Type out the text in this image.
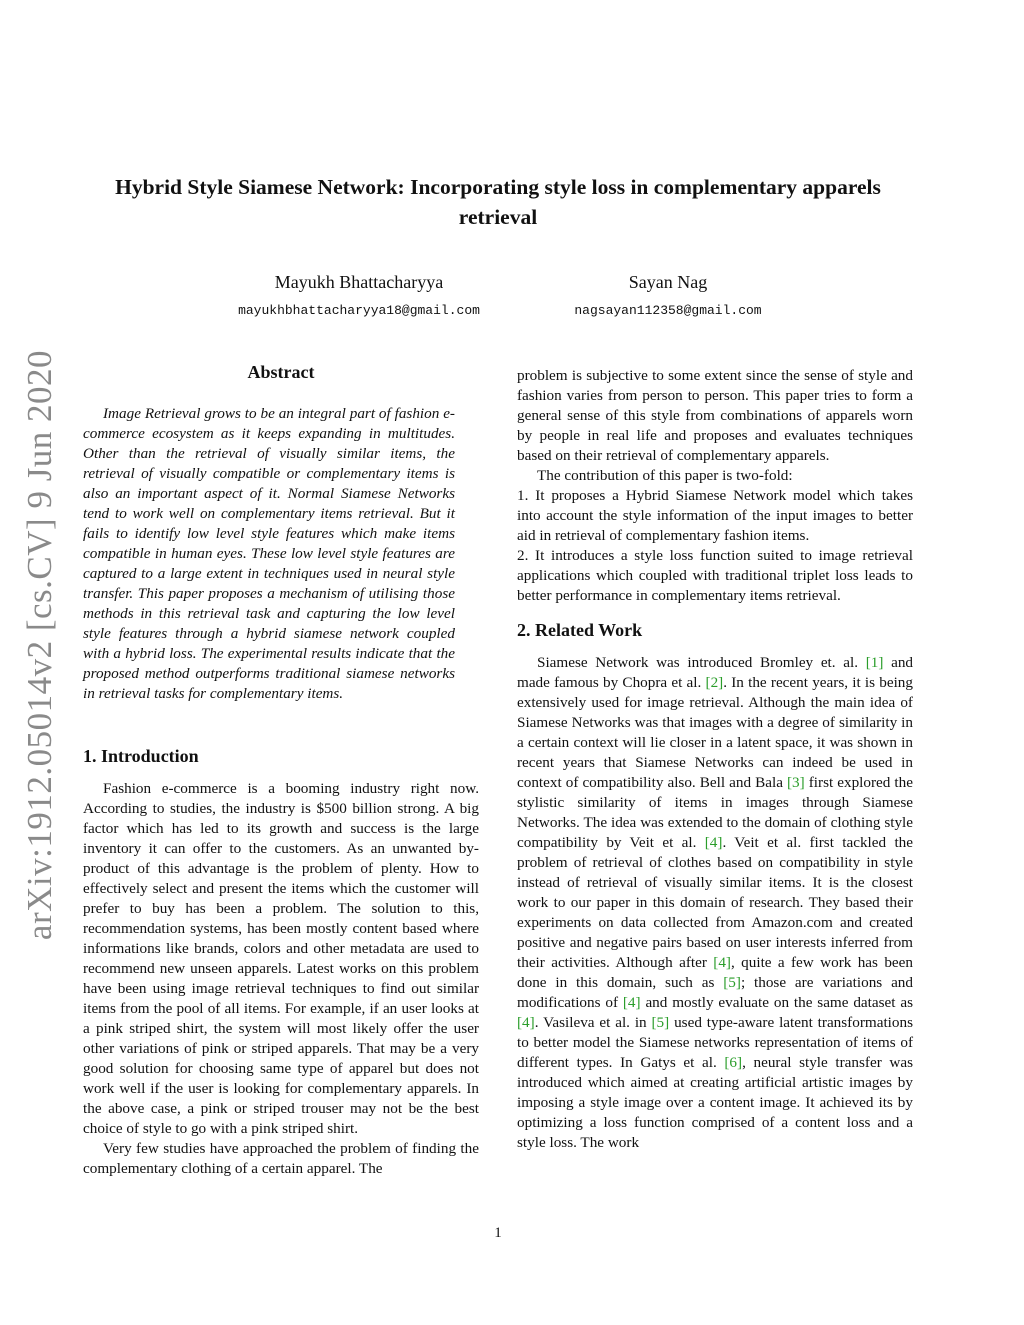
arXiv:1912.05014v2 [cs.CV] 9 Jun 2020
Hybrid Style Siamese Network: Incorporating style loss in complementary apparels retrieval
Mayukh Bhattacharyya
mayukhbhattacharyya18@gmail.com
Sayan Nag
nagsayan112358@gmail.com
Abstract

Image Retrieval grows to be an integral part of fashion e-commerce ecosystem as it keeps expanding in multitudes. Other than the retrieval of visually similar items, the retrieval of visually compatible or complementary items is also an important aspect of it. Normal Siamese Networks tend to work well on complementary items retrieval. But it fails to identify low level style features which make items compatible in human eyes. These low level style features are captured to a large extent in techniques used in neural style transfer. This paper proposes a mechanism of utilising those methods in this retrieval task and capturing the low level style features through a hybrid siamese network coupled with a hybrid loss. The experimental results indicate that the proposed method outperforms traditional siamese networks in retrieval tasks for complementary items.

1. Introduction

Fashion e-commerce is a booming industry right now. According to studies, the industry is $500 billion strong. A big factor which has led to its growth and success is the large inventory it can offer to the customers. As an unwanted by-product of this advantage is the problem of plenty. How to effectively select and present the items which the customer will prefer to buy has been a problem. The solution to this, recommendation systems, has been mostly content based where informations like brands, colors and other metadata are used to recommend new unseen apparels. Latest works on this problem have been using image retrieval techniques to find out similar items from the pool of all items. For example, if an user looks at a pink striped shirt, the system will most likely offer the user other variations of pink or striped apparels. That may be a very good solution for choosing same type of apparel but does not work well if the user is looking for complementary apparels. In the above case, a pink or striped trouser may not be the best choice of style to go with a pink striped shirt.

Very few studies have approached the problem of finding the complementary clothing of a certain apparel. The

problem is subjective to some extent since the sense of style and fashion varies from person to person. This paper tries to form a general sense of this style from combinations of apparels worn by people in real life and proposes and evaluates techniques based on their retrieval of complementary apparels.

The contribution of this paper is two-fold:

1. It proposes a Hybrid Siamese Network model which takes into account the style information of the input images to better aid in retrieval of complementary fashion items.

2. It introduces a style loss function suited to image retrieval applications which coupled with traditional triplet loss leads to better performance in complementary items retrieval.

2. Related Work

Siamese Network was introduced Bromley et. al. [1] and made famous by Chopra et al. [2]. In the recent years, it is being extensively used for image retrieval. Although the main idea of Siamese Networks was that images with a degree of similarity in a certain context will lie closer in a latent space, it was shown in recent years that Siamese Networks can indeed be used in context of compatibility also. Bell and Bala [3] first explored the stylistic similarity of items in images through Siamese Networks. The idea was extended to the domain of clothing style compatibility by Veit et al. [4]. Veit et al. first tackled the problem of retrieval of clothes based on compatibility in style instead of retrieval of visually similar items. It is the closest work to our paper in this domain of research. They based their experiments on data collected from Amazon.com and created positive and negative pairs based on user interests inferred from their activities. Although after [4], quite a few work has been done in this domain, such as [5]; those are variations and modifications of [4] and mostly evaluate on the same dataset as [4]. Vasileva et al. in [5] used type-aware latent transformations to better model the Siamese networks representation of items of different types. In Gatys et al. [6], neural style transfer was introduced which aimed at creating artificial artistic images by imposing a style image over a content image. It achieved its by optimizing a loss function comprised of a content loss and a style loss. The work

1
